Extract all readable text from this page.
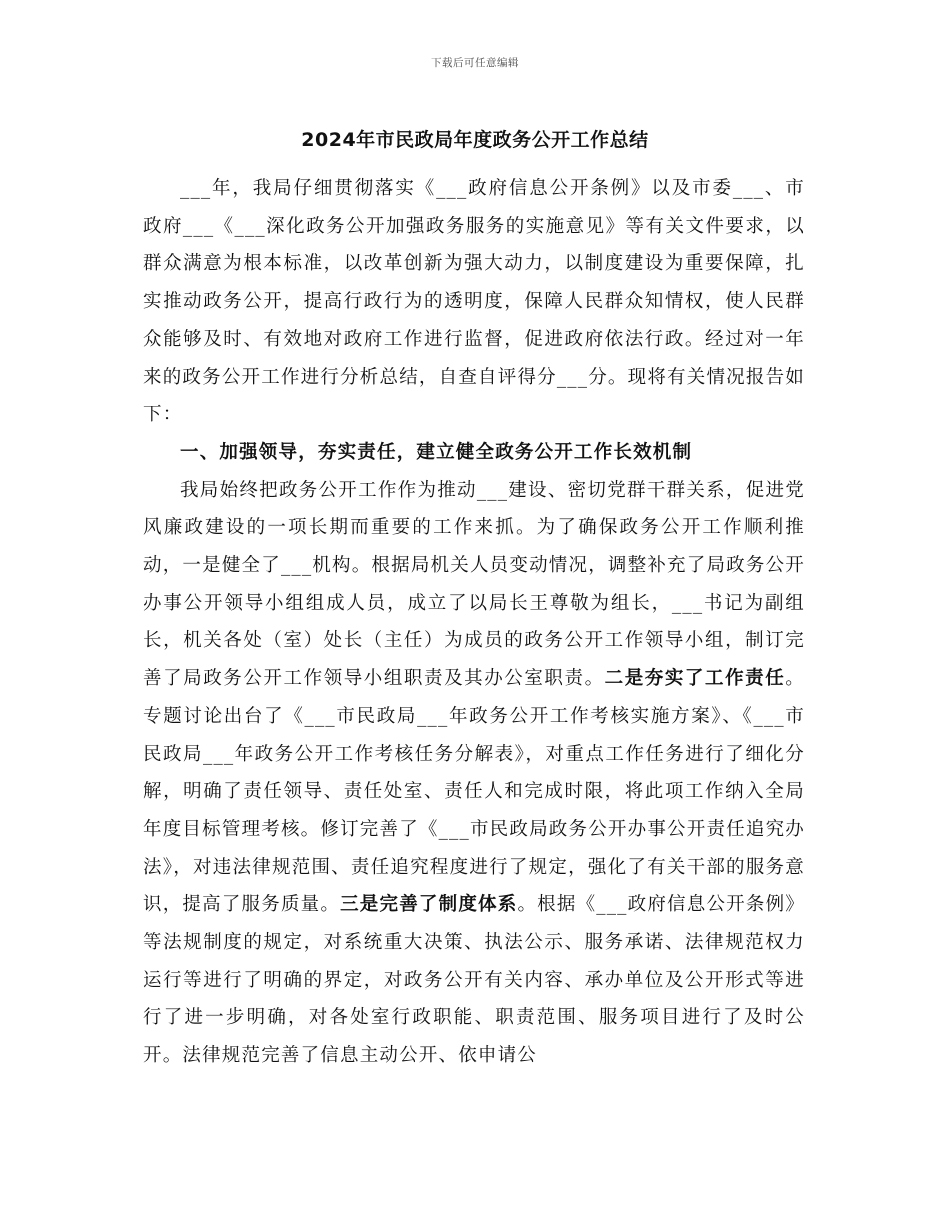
下载后可任意编辑
2024年市民政局年度政务公开工作总结

___年，我局仔细贯彻落实《___政府信息公开条例》以及市委___、市政府___《___深化政务公开加强政务服务的实施意见》等有关文件要求，以群众满意为根本标准，以改革创新为强大动力，以制度建设为重要保障，扎实推动政务公开，提高行政行为的透明度，保障人民群众知情权，使人民群众能够及时、有效地对政府工作进行监督，促进政府依法行政。经过对一年来的政务公开工作进行分析总结，自查自评得分___分。现将有关情况报告如下：

一、加强领导，夯实责任，建立健全政务公开工作长效机制

我局始终把政务公开工作作为推动___建设、密切党群干群关系，促进党风廉政建设的一项长期而重要的工作来抓。为了确保政务公开工作顺利推动，一是健全了___机构。根据局机关人员变动情况，调整补充了局政务公开办事公开领导小组组成人员，成立了以局长王尊敬为组长，___书记为副组长，机关各处（室）处长（主任）为成员的政务公开工作领导小组，制订完善了局政务公开工作领导小组职责及其办公室职责。二是夯实了工作责任。专题讨论出台了《___市民政局___年政务公开工作考核实施方案》、《___市民政局___年政务公开工作考核任务分解表》，对重点工作任务进行了细化分解，明确了责任领导、责任处室、责任人和完成时限，将此项工作纳入全局年度目标管理考核。修订完善了《___市民政局政务公开办事公开责任追究办法》，对违法律规范围、责任追究程度进行了规定，强化了有关干部的服务意识，提高了服务质量。三是完善了制度体系。根据《___政府信息公开条例》等法规制度的规定，对系统重大决策、执法公示、服务承诺、法律规范权力运行等进行了明确的界定，对政务公开有关内容、承办单位及公开形式等进行了进一步明确，对各处室行政职能、职责范围、服务项目进行了及时公开。法律规范完善了信息主动公开、依申请公
